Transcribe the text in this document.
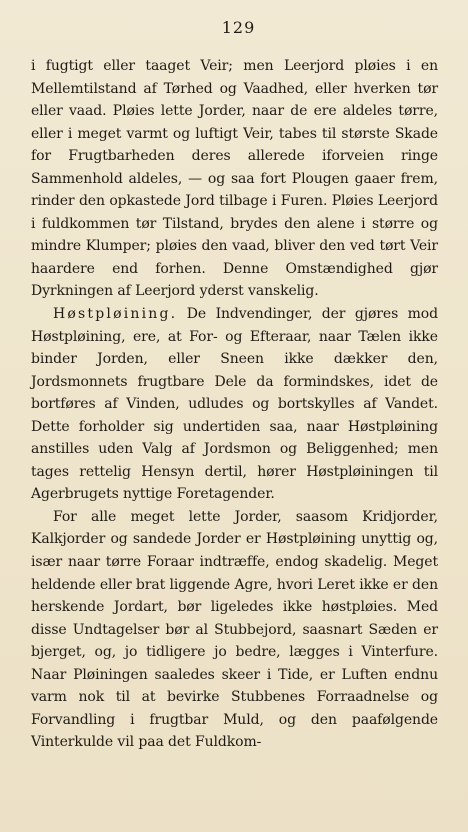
129

i fugtigt eller taaget Veir; men Leerjord pløies i en Mellemtilstand af Tørhed og Vaadhed, eller hverken tør eller vaad. Pløies lette Jorder, naar de ere aldeles tørre, eller i meget varmt og luftigt Veir, tabes til største Skade for Frugtbarheden deres allerede iforveien ringe Sammenhold aldeles, — og saa fort Plougen gaaer frem, rinder den opkastede Jord tilbage i Furen. Pløies Leerjord i fuldkommen tør Tilstand, brydes den alene i større og mindre Klumper; pløies den vaad, bliver den ved tørt Veir haardere end forhen. Denne Omstændighed gjør Dyrkningen af Leerjord yderst vanskelig.

Høstpløining. De Indvendinger, der gjøres mod Høstpløining, ere, at For- og Efteraar, naar Tælen ikke binder Jorden, eller Sneen ikke dækker den, Jordsmonnets frugtbare Dele da formindskes, idet de bortføres af Vinden, udludes og bortskylles af Vandet. Dette forholder sig undertiden saa, naar Høstpløining anstilles uden Valg af Jordsmon og Beliggenhed; men tages rettelig Hensyn dertil, hører Høstpløiningen til Agerbrugets nyttige Foretagender.

For alle meget lette Jorder, saasom Kridjorder, Kalkjorder og sandede Jorder er Høstpløining unyttig og, især naar tørre Foraar indtræffe, endog skadelig. Meget heldende eller brat liggende Agre, hvori Leret ikke er den herskende Jordart, bør ligeledes ikke høstpløies. Med disse Undtagelser bør al Stubbejord, saasnart Sæden er bjerget, og, jo tidligere jo bedre, lægges i Vinterfure. Naar Pløiningen saaledes skeer i Tide, er Luften endnu varm nok til at bevirke Stubbenes Forraadnelse og Forvandling i frugtbar Muld, og den paafølgende Vinterkulde vil paa det Fuldkom-
